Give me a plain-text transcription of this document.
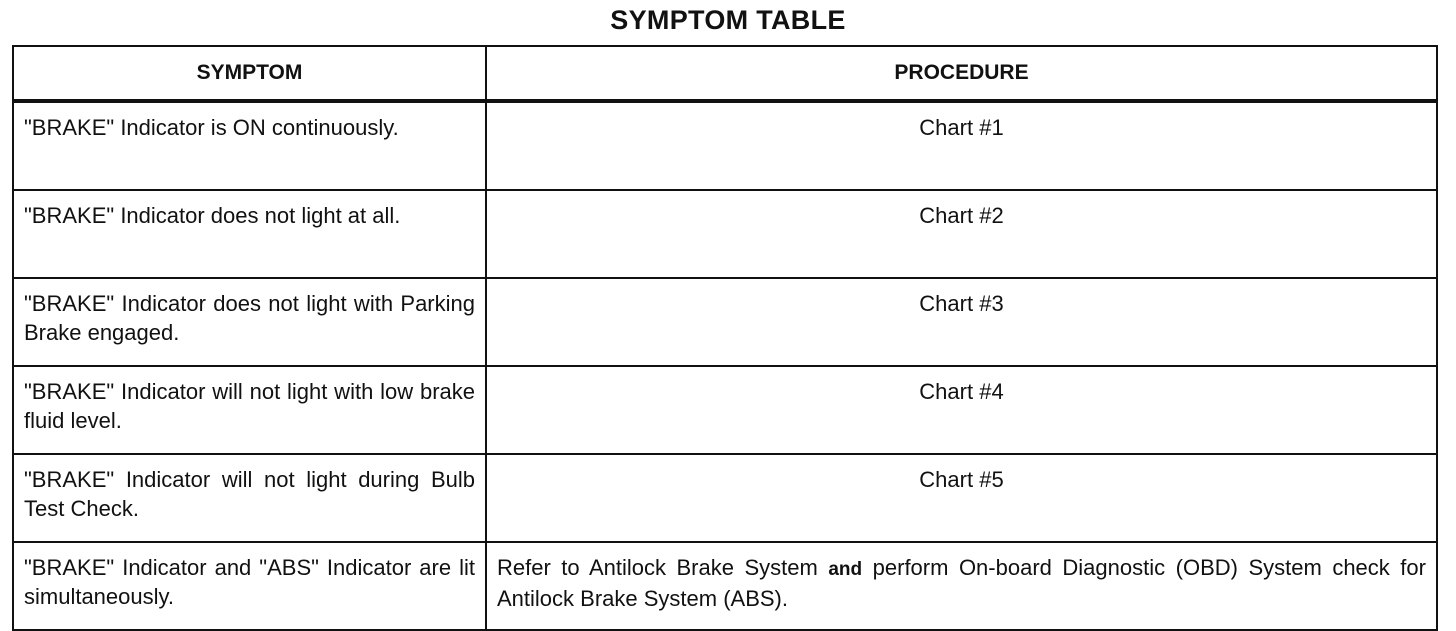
SYMPTOM TABLE
SYMPTOM	PROCEDURE
"BRAKE" Indicator is ON continuously.	Chart #1
"BRAKE" Indicator does not light at all.	Chart #2
"BRAKE" Indicator does not light with Parking Brake engaged.	Chart #3
"BRAKE" Indicator will not light with low brake fluid level.	Chart #4
"BRAKE" Indicator will not light during Bulb Test Check.	Chart #5
"BRAKE" Indicator and "ABS" Indicator are lit simultaneously.	Refer to Antilock Brake System and perform On-board Diagnostic (OBD) System check for Antilock Brake System (ABS).
